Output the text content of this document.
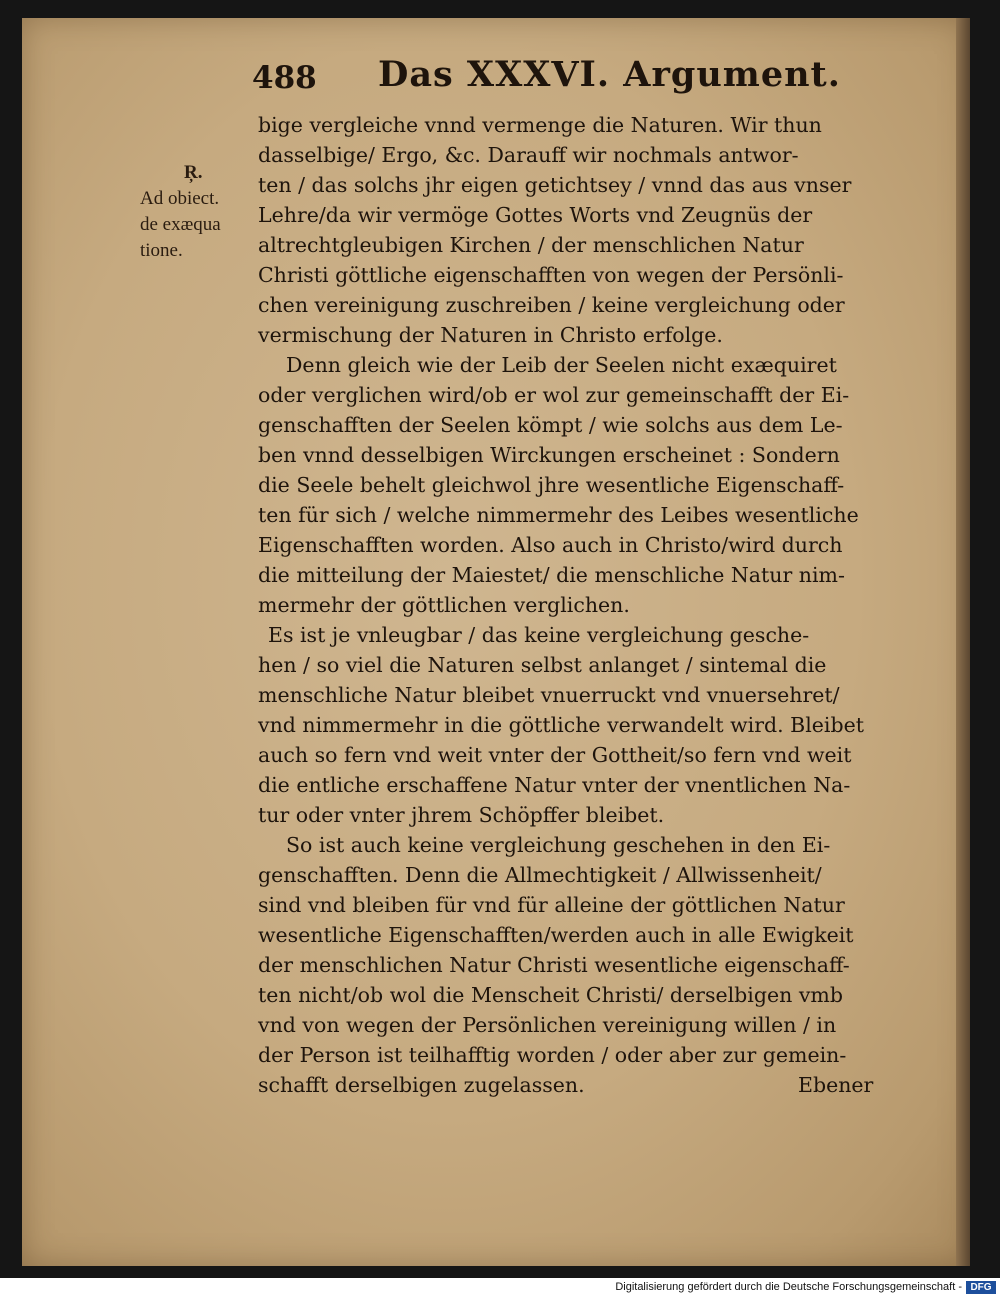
488 Das XXXVI. Argument.
Ŗ.
Ad obiect.
de exæqua
tione.
bige vergleiche vnnd vermenge die Naturen. Wir thun
dasselbige/ Ergo, &c. Darauff wir nochmals antwor-
ten / das solchs jhr eigen getichtsey / vnnd das aus vnser
Lehre/da wir vermöge Gottes Worts vnd Zeugnüs der
altrechtgleubigen Kirchen / der menschlichen Natur
Christi göttliche eigenschafften von wegen der Persönli-
chen vereinigung zuschreiben / keine vergleichung oder
vermischung der Naturen in Christo erfolge.
Denn gleich wie der Leib der Seelen nicht exæquiret
oder verglichen wird/ob er wol zur gemeinschafft der Ei-
genschafften der Seelen kömpt / wie solchs aus dem Le-
ben vnnd desselbigen Wirckungen erscheinet : Sondern
die Seele behelt gleichwol jhre wesentliche Eigenschaff-
ten für sich / welche nimmermehr des Leibes wesentliche
Eigenschafften worden. Also auch in Christo/wird durch
die mitteilung der Maiestet/ die menschliche Natur nim-
mermehr der göttlichen verglichen.
Es ist je vnleugbar / das keine vergleichung gesche-
hen / so viel die Naturen selbst anlanget / sintemal die
menschliche Natur bleibet vnuerruckt vnd vnuersehret/
vnd nimmermehr in die göttliche verwandelt wird. Bleibet
auch so fern vnd weit vnter der Gottheit/so fern vnd weit
die entliche erschaffene Natur vnter der vnentlichen Na-
tur oder vnter jhrem Schöpffer bleibet.
So ist auch keine vergleichung geschehen in den Ei-
genschafften. Denn die Allmechtigkeit / Allwissenheit/
sind vnd bleiben für vnd für alleine der göttlichen Natur
wesentliche Eigenschafften/werden auch in alle Ewigkeit
der menschlichen Natur Christi wesentliche eigenschaff-
ten nicht/ob wol die Menscheit Christi/ derselbigen vmb
vnd von wegen der Persönlichen vereinigung willen / in
der Person ist teilhafftig worden / oder aber zur gemein-
schafft derselbigen zugelassen.	Ebener
Digitalisierung gefördert durch die Deutsche Forschungsgemeinschaft - DFG
